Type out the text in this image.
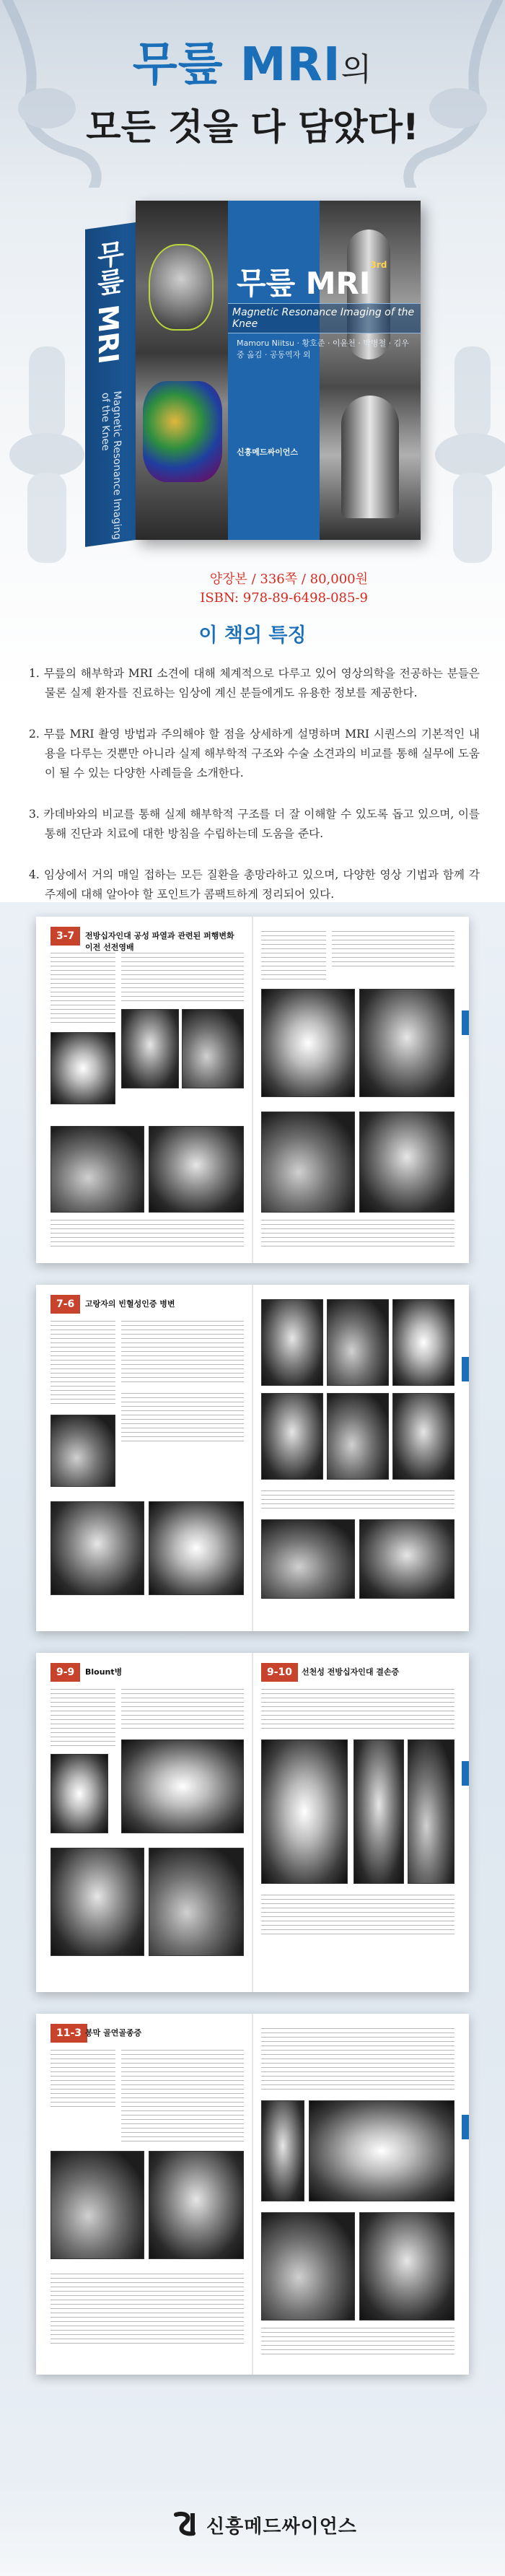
무릎 MRI의
모든 것을 다 담았다!
무릎 MRI
Magnetic Resonance Imaging of the Knee
무릎 $MRI^{3rd}$
Magnetic Resonance Imaging of the Knee
Mamoru Niitsu · 황호준 · 이윤천 · 박병철 · 김우중 옮김 · 공동역자 외
신흥메드싸이언스
양장본 / 336쪽 / 80,000원
ISBN: 978-89-6498-085-9
이 책의 특징
1. 무릎의 해부학과 MRI 소견에 대해 체계적으로 다루고 있어 영상의학을 전공하는 분들은 물론 실제 환자를 진료하는 임상에 계신 분들에게도 유용한 정보를 제공한다.
2. 무릎 MRI 촬영 방법과 주의해야 할 점을 상세하게 설명하며 MRI 시퀀스의 기본적인 내용을 다루는 것뿐만 아니라 실제 해부학적 구조와 수술 소견과의 비교를 통해 실무에 도움이 될 수 있는 다양한 사례들을 소개한다.
3. 카데바와의 비교를 통해 실제 해부학적 구조를 더 잘 이해할 수 있도록 돕고 있으며, 이를 통해 진단과 치료에 대한 방침을 수립하는데 도움을 준다.
4. 임상에서 거의 매일 접하는 모든 질환을 총망라하고 있으며, 다양한 영상 기법과 함께 각 주제에 대해 알아야 할 포인트가 콤팩트하게 정리되어 있다.
3-7	전방십자인대 공성 파열과 관련된 퍼행변화 이전 선전영배
7-6	고랑자의 빈혈성인증 병변
9-9	Blount병	9-10	선천성 전방십자인대 결손증
11-3 봉막 골연골종증
신흥메드싸이언스
